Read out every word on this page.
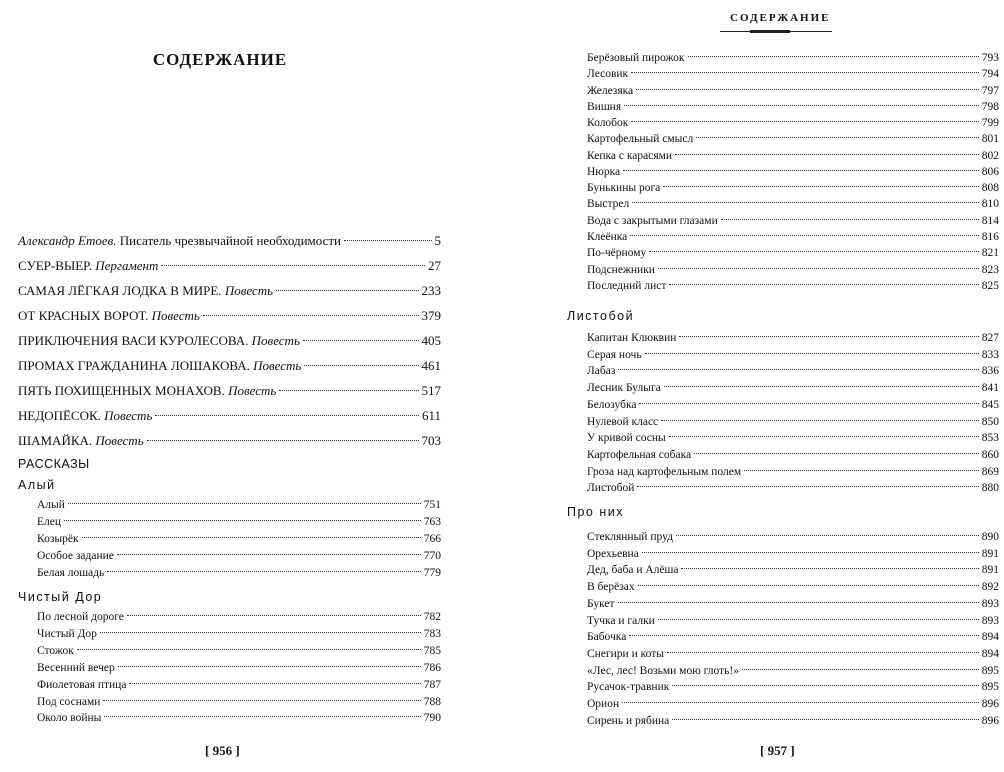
СОДЕРЖАНИЕ
Александр Етоев. Писатель чрезвычайной необходимости	5
СУЕР-ВЫЕР. Пергамент	27
САМАЯ ЛЁГКАЯ ЛОДКА В МИРЕ. Повесть	233
ОТ КРАСНЫХ ВОРОТ. Повесть	379
ПРИКЛЮЧЕНИЯ ВАСИ КУРОЛЕСОВА. Повесть	405
ПРОМАХ ГРАЖДАНИНА ЛОШАКОВА. Повесть	461
ПЯТЬ ПОХИЩЕННЫХ МОНАХОВ. Повесть	517
НЕДОПЁСОК. Повесть	611
ШАМАЙКА. Повесть	703
РАССКАЗЫ
Алый
Алый	751
Елец	763
Козырёк	766
Особое задание	770
Белая лошадь	779
Чистый Дор
По лесной дороге	782
Чистый Дор	783
Стожок	785
Весенний вечер	786
Фиолетовая птица	787
Под соснами	788
Около войны	790
[ 956 ]
СОДЕРЖАНИЕ
Берёзовый пирожок	793
Лесовик	794
Железяка	797
Вишня	798
Колобок	799
Картофельный смысл	801
Кепка с карасями	802
Нюрка	806
Бунькины рога	808
Выстрел	810
Вода с закрытыми глазами	814
Клеёнка	816
По-чёрному	821
Подснежники	823
Последний лист	825
Листобой
Капитан Клюквин	827
Серая ночь	833
Лабаз	836
Лесник Булыга	841
Белозубка	845
Нулевой класс	850
У кривой сосны	853
Картофельная собака	860
Гроза над картофельным полем	869
Листобой	880
Про них
Стеклянный пруд	890
Орехьевна	891
Дед, баба и Алёша	891
В берёзах	892
Букет	893
Тучка и галки	893
Бабочка	894
Снегири и коты	894
«Лес, лес! Возьми мою глоть!»	895
Русачок-травник	895
Орион	896
Сирень и рябина	896
[ 957 ]
